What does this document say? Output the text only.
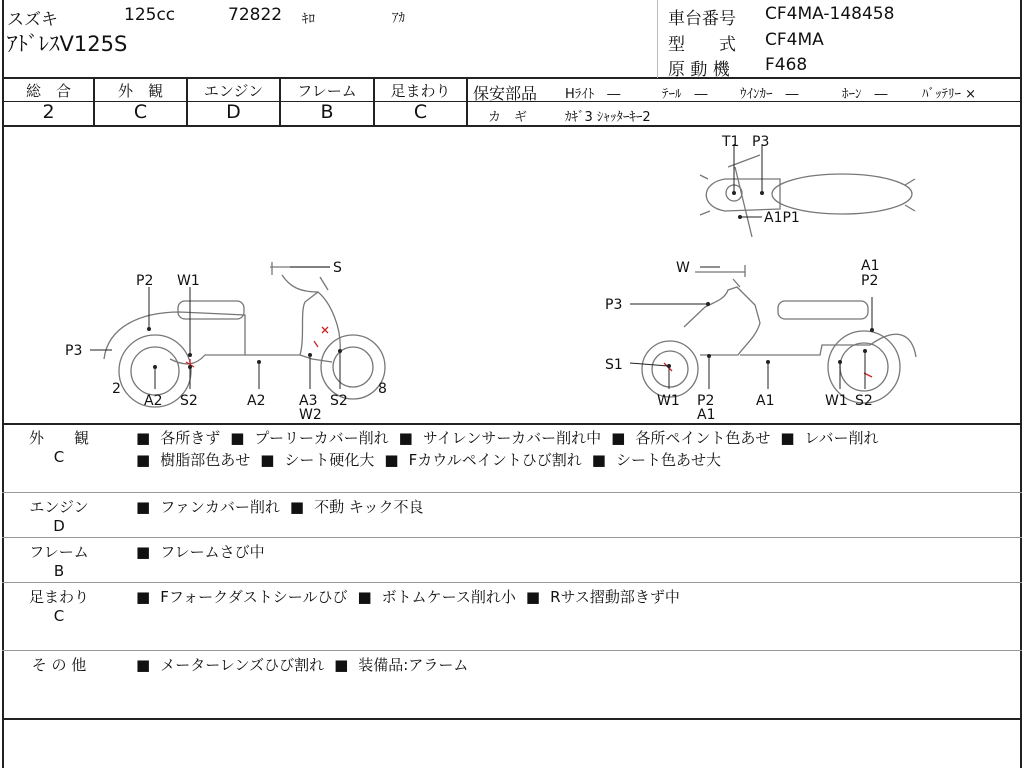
スズキ	125cc	72822 ｷﾛ	ｱｶ
ｱﾄﾞﾚｽV125S
車台番号 CF4MA-148458
型　　式 CF4MA
原 動 機 F468
総　合
2
外　観
C
エンジン
D
フレーム
B
足まわり
C
保安部品 Hﾗｲﾄ　―	ﾃｰﾙ　― ｳｲﾝｶｰ　―	ﾎｰﾝ　―	ﾊﾞｯﾃﾘｰ ×
カ　ギ	ｶｷﾞ3 ｼｬｯﾀｰｷｰ2
T1 P3
A1P1
S
P2 W1
P3
2
A2 S2	A2 A3 S2
W2
8
W	A1
P2
P3
S1
W1 P2
A1
A1	W1 S2
外　　観
C
■ 各所きず ■ プーリーカバー削れ ■ サイレンサーカバー削れ中 ■ 各所ペイント色あせ ■ レバー削れ
■ 樹脂部色あせ ■ シート硬化大 ■ Fカウルペイントひび割れ ■ シート色あせ大
エンジン
D
■ ファンカバー削れ ■ 不動 キック不良
フレーム
B
■ フレームさび中
足まわり
C
■ Fフォークダストシールひび ■ ボトムケース削れ小 ■ Rサス摺動部きず中
そ の 他	■ メーターレンズひび割れ ■ 装備品:アラーム
